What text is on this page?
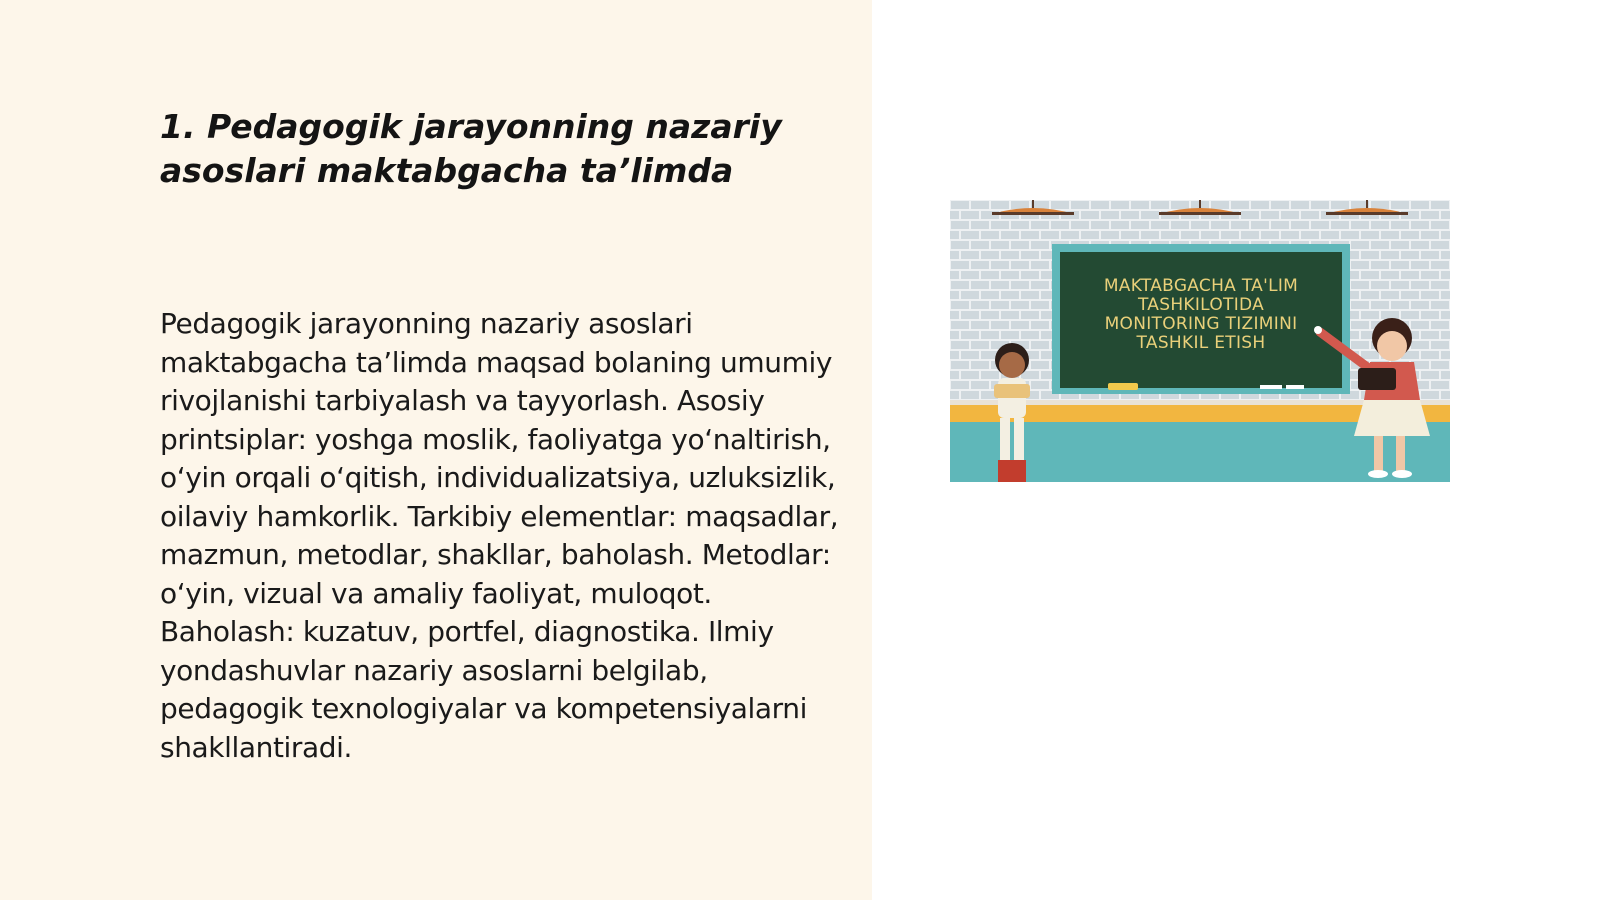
1. Pedagogik jarayonning nazariy asoslari maktabgacha ta’limda

Pedagogik jarayonning nazariy asoslari maktabgacha ta’limda maqsad bolaning umumiy rivojlanishi tarbiyalash va tayyorlash. Asosiy printsiplar: yoshga moslik, faoliyatga yo‘naltirish, o‘yin orqali o‘qitish, individualizatsiya, uzluksizlik, oilaviy hamkorlik. Tarkibiy elementlar: maqsadlar, mazmun, metodlar, shakllar, baholash. Metodlar: o‘yin, vizual va amaliy faoliyat, muloqot. Baholash: kuzatuv, portfel, diagnostika. Ilmiy yondashuvlar nazariy asoslarni belgilab, pedagogik texnologiyalar va kompetensiyalarni shakllantiradi.

MAKTABGACHA TA'LIM
TASHKILOTIDA
MONITORING TIZIMINI
TASHKIL ETISH
